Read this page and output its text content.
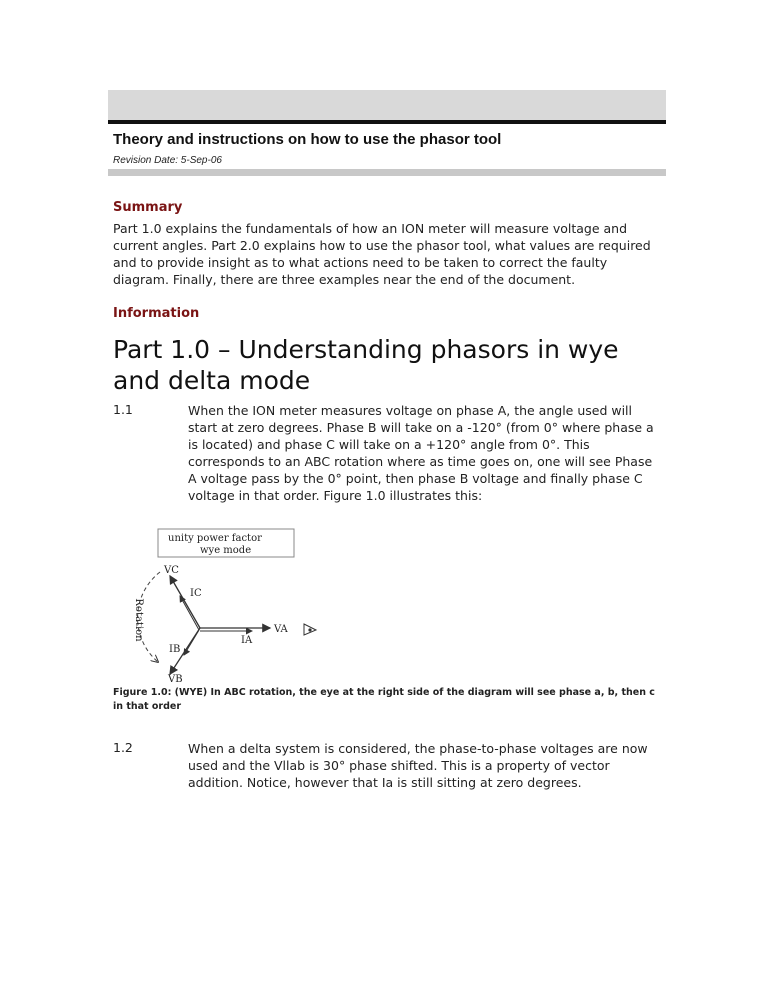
Theory and instructions on how to use the phasor tool
Revision Date: 5-Sep-06
Summary
Part 1.0 explains the fundamentals of how an ION meter will measure voltage and current angles. Part 2.0 explains how to use the phasor tool, what values are required and to provide insight as to what actions need to be taken to correct the faulty diagram. Finally, there are three examples near the end of the document.
Information
Part 1.0 – Understanding phasors in wye and delta mode
1.1	When the ION meter measures voltage on phase A, the angle used will start at zero degrees. Phase B will take on a -120° (from 0° where phase a is located) and phase C will take on a +120° angle from 0°. This corresponds to an ABC rotation where as time goes on, one will see Phase A voltage pass by the 0° point, then phase B voltage and finally phase C voltage in that order. Figure 1.0 illustrates this:
unity power factor
wye mode
Rotation
VC
IC
VA
IA
IB
VB
Figure 1.0: (WYE) In ABC rotation, the eye at the right side of the diagram will see phase a, b, then c in that order
1.2	When a delta system is considered, the phase-to-phase voltages are now used and the Vllab is 30° phase shifted. This is a property of vector addition. Notice, however that Ia is still sitting at zero degrees.
